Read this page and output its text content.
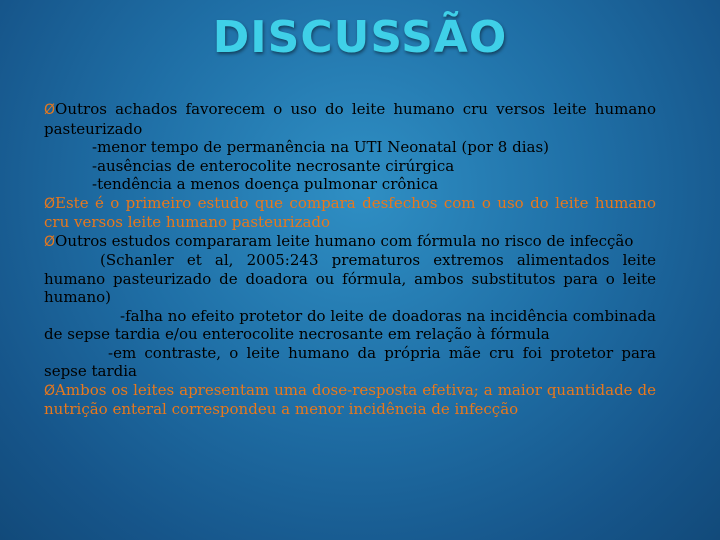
DISCUSSÃO

ØOutros achados favorecem o uso do leite humano cru versos leite humano pasteurizado

-menor tempo de permanência na UTI Neonatal (por 8 dias)

-ausências de enterocolite necrosante cirúrgica

-tendência a menos doença pulmonar crônica

ØEste é o primeiro estudo que compara desfechos com o uso do leite humano cru versos leite humano pasteurizado

ØOutros estudos compararam leite humano com fórmula no risco de infecção

(Schanler et al, 2005:243 prematuros extremos alimentados leite humano pasteurizado de doadora ou fórmula, ambos substitutos para o leite humano)

-falha no efeito protetor do leite de doadoras na incidência combinada de sepse tardia e/ou enterocolite necrosante em relação à fórmula

-em contraste, o leite humano da própria mãe cru foi protetor para sepse tardia

ØAmbos os leites apresentam uma dose-resposta efetiva; a maior quantidade de nutrição enteral correspondeu a menor incidência de infecção
